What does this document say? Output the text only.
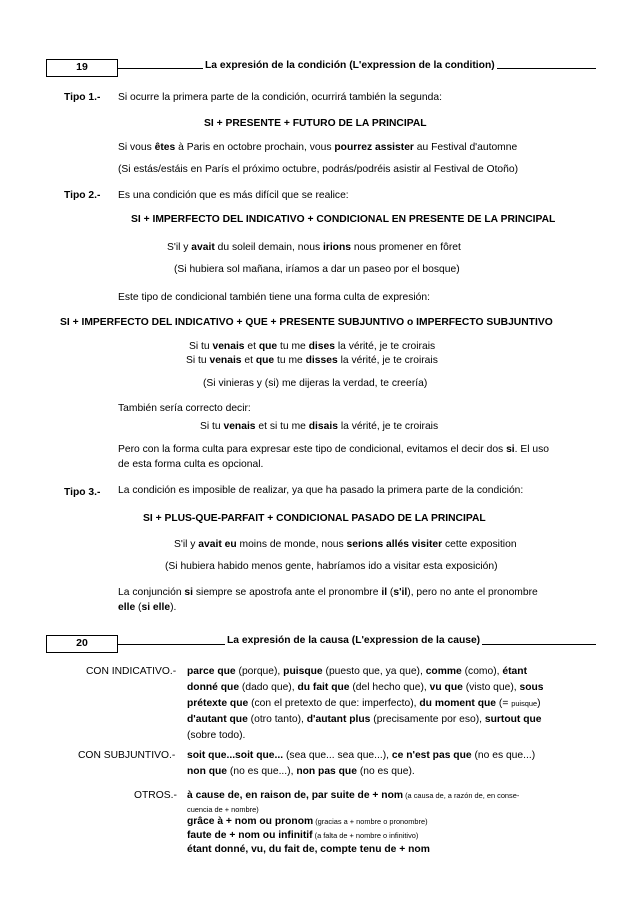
19	La expresión de la condición (L'expression de la condition)
Tipo 1.- Si ocurre la primera parte de la condición, ocurrirá también la segunda:
SI + PRESENTE + FUTURO DE LA PRINCIPAL
Si vous êtes à Paris en octobre prochain, vous pourrez assister au Festival d'automne
(Si estás/estáis en París el próximo octubre, podrás/podréis asistir al Festival de Otoño)
Tipo 2.- Es una condición que es más difícil que se realice:
SI + IMPERFECTO DEL INDICATIVO + CONDICIONAL EN PRESENTE DE LA PRINCIPAL
S'il y avait du soleil demain, nous irions nous promener en fôret
(Si hubiera sol mañana, iríamos a dar un paseo por el bosque)
Este tipo de condicional también tiene una forma culta de expresión:
SI + IMPERFECTO DEL INDICATIVO + QUE + PRESENTE SUBJUNTIVO o IMPERFECTO SUBJUNTIVO
Si tu venais et que tu me dises la vérité, je te croirais
Si tu venais et que tu me disses la vérité, je te croirais
(Si vinieras y (si) me dijeras la verdad, te creería)
También sería correcto decir:
Si tu venais et si tu me disais la vérité, je te croirais
Pero con la forma culta para expresar este tipo de condicional, evitamos el decir dos si. El uso
de esta forma culta es opcional.
Tipo 3.- La condición es imposible de realizar, ya que ha pasado la primera parte de la condición:
SI + PLUS-QUE-PARFAIT + CONDICIONAL PASADO DE LA PRINCIPAL
S'il y avait eu moins de monde, nous serions allés visiter cette exposition
(Si hubiera habido menos gente, habríamos ido a visitar esta exposición)
La conjunción si siempre se apostrofa ante el pronombre il (s'il), pero no ante el pronombre
elle (si elle).
20	La expresión de la causa (L'expression de la cause)
CON INDICATIVO.- parce que (porque), puisque (puesto que, ya que), comme (como), étant
donné que (dado que), du fait que (del hecho que), vu que (visto que), sous
prétexte que (con el pretexto de que: imperfecto), du moment que (= puisque)
d'autant que (otro tanto), d'autant plus (precisamente por eso), surtout que
(sobre todo).
CON SUBJUNTIVO.- soit que...soit que... (sea que... sea que...), ce n'est pas que (no es que...)
non que (no es que...), non pas que (no es que).
OTROS.- à cause de, en raison de, par suite de + nom (a causa de, a razón de, en conse-
cuencia de + nombre)
grâce à + nom ou pronom (gracias a + nombre o pronombre)
faute de + nom ou infinitif (a falta de + nombre o infinitivo)
étant donné, vu, du fait de, compte tenu de + nom
